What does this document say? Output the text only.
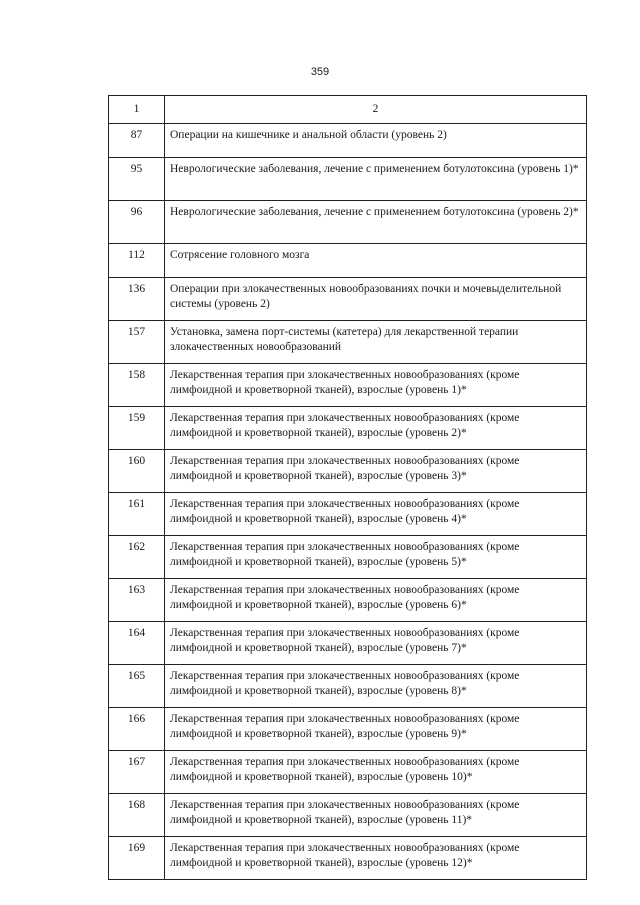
359
1	2
87	Операции на кишечнике и анальной области (уровень 2)
95	Неврологические заболевания, лечение с применением ботулотоксина (уровень 1)*
96	Неврологические заболевания, лечение с применением ботулотоксина (уровень 2)*
112	Сотрясение головного мозга
136	Операции при злокачественных новообразованиях почки и мочевыделительной системы (уровень 2)
157	Установка, замена порт-системы (катетера) для лекарственной терапии злокачественных новообразований
158	Лекарственная терапия при злокачественных новообразованиях (кроме лимфоидной и кроветворной тканей), взрослые (уровень 1)*
159	Лекарственная терапия при злокачественных новообразованиях (кроме лимфоидной и кроветворной тканей), взрослые (уровень 2)*
160	Лекарственная терапия при злокачественных новообразованиях (кроме лимфоидной и кроветворной тканей), взрослые (уровень 3)*
161	Лекарственная терапия при злокачественных новообразованиях (кроме лимфоидной и кроветворной тканей), взрослые (уровень 4)*
162	Лекарственная терапия при злокачественных новообразованиях (кроме лимфоидной и кроветворной тканей), взрослые (уровень 5)*
163	Лекарственная терапия при злокачественных новообразованиях (кроме лимфоидной и кроветворной тканей), взрослые (уровень 6)*
164	Лекарственная терапия при злокачественных новообразованиях (кроме лимфоидной и кроветворной тканей), взрослые (уровень 7)*
165	Лекарственная терапия при злокачественных новообразованиях (кроме лимфоидной и кроветворной тканей), взрослые (уровень 8)*
166	Лекарственная терапия при злокачественных новообразованиях (кроме лимфоидной и кроветворной тканей), взрослые (уровень 9)*
167	Лекарственная терапия при злокачественных новообразованиях (кроме лимфоидной и кроветворной тканей), взрослые (уровень 10)*
168	Лекарственная терапия при злокачественных новообразованиях (кроме лимфоидной и кроветворной тканей), взрослые (уровень 11)*
169	Лекарственная терапия при злокачественных новообразованиях (кроме лимфоидной и кроветворной тканей), взрослые (уровень 12)*
